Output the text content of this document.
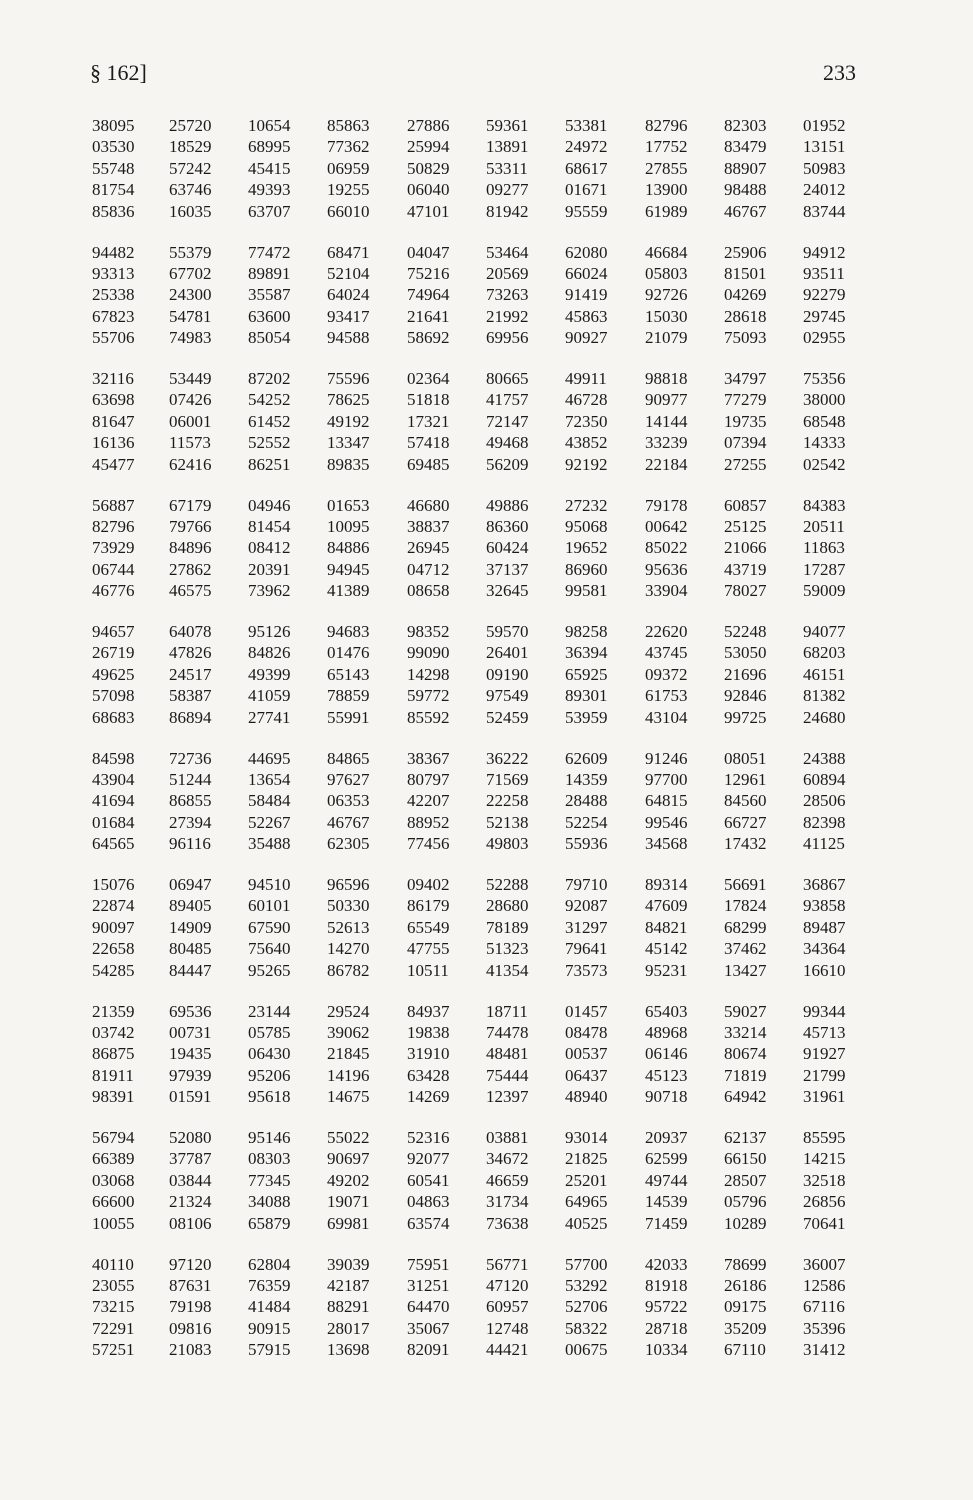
§ 162]	233
38095 25720 10654 85863 27886 59361 53381 82796 82303 01952
03530 18529 68995 77362 25994 13891 24972 17752 83479 13151
55748 57242 45415 06959 50829 53311 68617 27855 88907 50983
81754 63746 49393 19255 06040 09277 01671 13900 98488 24012
85836 16035 63707 66010 47101 81942 95559 61989 46767 83744
94482 55379 77472 68471 04047 53464 62080 46684 25906 94912
93313 67702 89891 52104 75216 20569 66024 05803 81501 93511
25338 24300 35587 64024 74964 73263 91419 92726 04269 92279
67823 54781 63600 93417 21641 21992 45863 15030 28618 29745
55706 74983 85054 94588 58692 69956 90927 21079 75093 02955
32116 53449 87202 75596 02364 80665 49911 98818 34797 75356
63698 07426 54252 78625 51818 41757 46728 90977 77279 38000
81647 06001 61452 49192 17321 72147 72350 14144 19735 68548
16136 11573 52552 13347 57418 49468 43852 33239 07394 14333
45477 62416 86251 89835 69485 56209 92192 22184 27255 02542
56887 67179 04946 01653 46680 49886 27232 79178 60857 84383
82796 79766 81454 10095 38837 86360 95068 00642 25125 20511
73929 84896 08412 84886 26945 60424 19652 85022 21066 11863
06744 27862 20391 94945 04712 37137 86960 95636 43719 17287
46776 46575 73962 41389 08658 32645 99581 33904 78027 59009
94657 64078 95126 94683 98352 59570 98258 22620 52248 94077
26719 47826 84826 01476 99090 26401 36394 43745 53050 68203
49625 24517 49399 65143 14298 09190 65925 09372 21696 46151
57098 58387 41059 78859 59772 97549 89301 61753 92846 81382
68683 86894 27741 55991 85592 52459 53959 43104 99725 24680
84598 72736 44695 84865 38367 36222 62609 91246 08051 24388
43904 51244 13654 97627 80797 71569 14359 97700 12961 60894
41694 86855 58484 06353 42207 22258 28488 64815 84560 28506
01684 27394 52267 46767 88952 52138 52254 99546 66727 82398
64565 96116 35488 62305 77456 49803 55936 34568 17432 41125
15076 06947 94510 96596 09402 52288 79710 89314 56691 36867
22874 89405 60101 50330 86179 28680 92087 47609 17824 93858
90097 14909 67590 52613 65549 78189 31297 84821 68299 89487
22658 80485 75640 14270 47755 51323 79641 45142 37462 34364
54285 84447 95265 86782 10511 41354 73573 95231 13427 16610
21359 69536 23144 29524 84937 18711 01457 65403 59027 99344
03742 00731 05785 39062 19838 74478 08478 48968 33214 45713
86875 19435 06430 21845 31910 48481 00537 06146 80674 91927
81911 97939 95206 14196 63428 75444 06437 45123 71819 21799
98391 01591 95618 14675 14269 12397 48940 90718 64942 31961
56794 52080 95146 55022 52316 03881 93014 20937 62137 85595
66389 37787 08303 90697 92077 34672 21825 62599 66150 14215
03068 03844 77345 49202 60541 46659 25201 49744 28507 32518
66600 21324 34088 19071 04863 31734 64965 14539 05796 26856
10055 08106 65879 69981 63574 73638 40525 71459 10289 70641
40110 97120 62804 39039 75951 56771 57700 42033 78699 36007
23055 87631 76359 42187 31251 47120 53292 81918 26186 12586
73215 79198 41484 88291 64470 60957 52706 95722 09175 67116
72291 09816 90915 28017 35067 12748 58322 28718 35209 35396
57251 21083 57915 13698 82091 44421 00675 10334 67110 31412
